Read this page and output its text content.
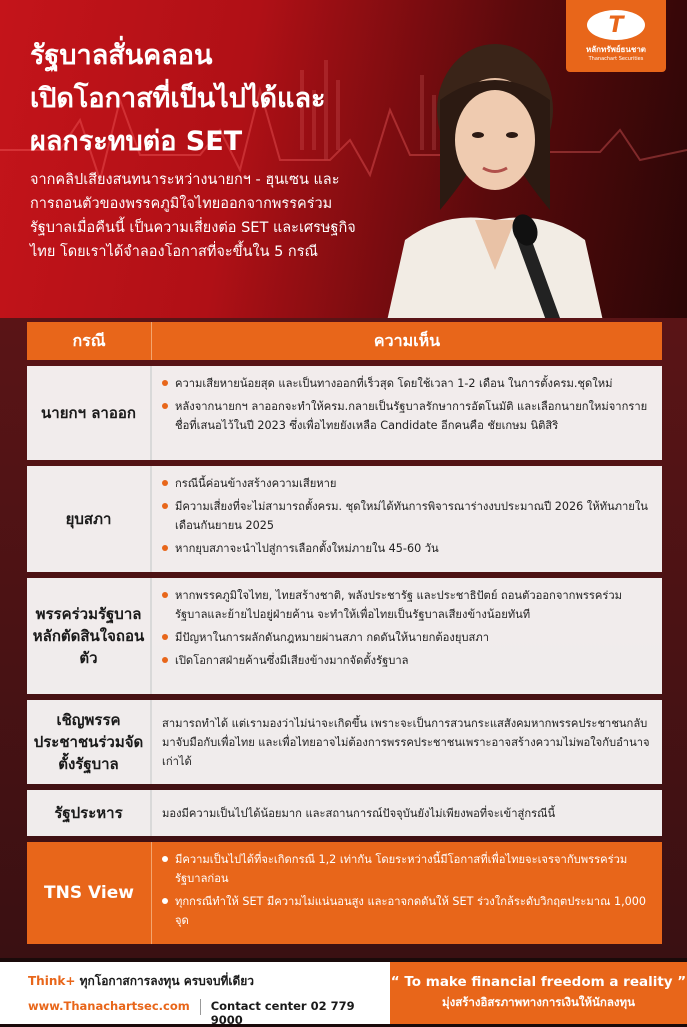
รัฐบาลสั่นคลอน
เปิดโอกาสที่เป็นไปได้และ
ผลกระทบต่อ SET
จากคลิปเสียงสนทนาระหว่างนายกฯ - ฮุนเซน และการถอนตัวของพรรคภูมิใจไทยออกจากพรรคร่วมรัฐบาลเมื่อคืนนี้ เป็นความเสี่ยงต่อ SET และเศรษฐกิจไทย โดยเราได้จำลองโอกาสที่จะขึ้นใน 5 กรณี
T
หลักทรัพย์ธนชาต
Thanachart Securities
กรณี	ความเห็น
นายกฯ ลาออก
ความเสียหายน้อยสุด และเป็นทางออกที่เร็วสุด โดยใช้เวลา 1-2 เดือน ในการตั้งครม.ชุดใหม่
หลังจากนายกฯ ลาออกจะทำให้ครม.กลายเป็นรัฐบาลรักษาการอัตโนมัติ และเลือกนายกใหม่จากรายชื่อที่เสนอไว้ในปี 2023 ซึ่งเพื่อไทยยังเหลือ Candidate อีกคนคือ ชัยเกษม นิติสิริ
ยุบสภา
กรณีนี้ค่อนข้างสร้างความเสียหาย
มีความเสี่ยงที่จะไม่สามารถตั้งครม. ชุดใหม่ได้ทันการพิจารณาร่างงบประมาณปี 2026 ให้ทันภายในเดือนกันยายน 2025
หากยุบสภาจะนำไปสู่การเลือกตั้งใหม่ภายใน 45-60 วัน
พรรคร่วมรัฐบาลหลักตัดสินใจถอนตัว
หากพรรคภูมิใจไทย, ไทยสร้างชาติ, พลังประชารัฐ และประชาธิปัตย์ ถอนตัวออกจากพรรคร่วมรัฐบาลและย้ายไปอยู่ฝ่ายค้าน จะทำให้เพื่อไทยเป็นรัฐบาลเสียงข้างน้อยทันที
มีปัญหาในการผลักดันกฎหมายผ่านสภา กดดันให้นายกต้องยุบสภา
เปิดโอกาสฝ่ายค้านซึ่งมีเสียงข้างมากจัดตั้งรัฐบาล
เชิญพรรคประชาชนร่วมจัดตั้งรัฐบาล
สามารถทำได้ แต่เรามองว่าไม่น่าจะเกิดขึ้น เพราะจะเป็นการสวนกระแสสังคมหากพรรคประชาชนกลับมาจับมือกับเพื่อไทย และเพื่อไทยอาจไม่ต้องการพรรคประชาชนเพราะอาจสร้างความไม่พอใจกับอำนาจเก่าได้
รัฐประหาร	มองมีความเป็นไปได้น้อยมาก และสถานการณ์ปัจจุบันยังไม่เพียงพอที่จะเข้าสู่กรณีนี้
TNS View
มีความเป็นไปได้ที่จะเกิดกรณี 1,2 เท่ากัน โดยระหว่างนี้มีโอกาสที่เพื่อไทยจะเจรจากับพรรคร่วมรัฐบาลก่อน
ทุกกรณีทำให้ SET มีความไม่แน่นอนสูง และอาจกดดันให้ SET ร่วงใกล้ระดับวิกฤตประมาณ 1,000 จุด
Think+ ทุกโอกาสการลงทุน ครบจบที่เดียว
www.Thanachartsec.com Contact center 02 779 9000
“ To make financial freedom a reality ”
มุ่งสร้างอิสรภาพทางการเงินให้นักลงทุน
